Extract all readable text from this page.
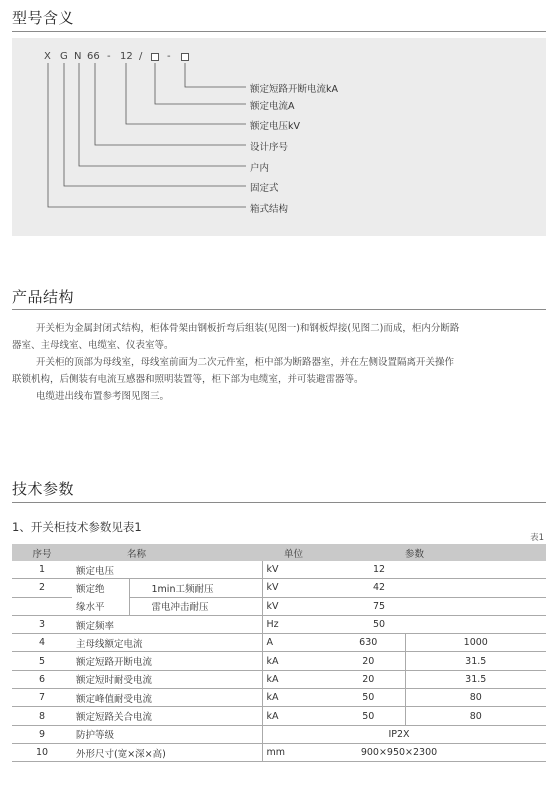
型号含义
X G N 66 - 12 / -
额定短路开断电流kA
额定电流A
额定电压kV
设计序号
户内
固定式
箱式结构
产品结构
开关柜为金属封闭式结构，柜体骨架由钢板折弯后组装(见图一)和钢板焊接(见图二)而成，柜内分断路
器室、主母线室、电缆室、仪表室等。
开关柜的顶部为母线室，母线室前面为二次元件室，柜中部为断路器室，并在左侧设置隔离开关操作
联锁机构，后侧装有电流互感器和照明装置等，柜下部为电缆室，并可装避雷器等。
电缆进出线布置参考图见图三。
技术参数
1、开关柜技术参数见表1
表1
序号	名称		单位		参数
1	额定电压		kV	12	
2	额定绝	1min工频耐压	kV	42	
	缘水平	雷电冲击耐压	kV	75	
3	额定频率		Hz	50	
4	主母线额定电流		A	630	1000
5	额定短路开断电流		kA	20	31.5
6	额定短时耐受电流		kA	20	31.5
7	额定峰值耐受电流		kA	50	80
8	额定短路关合电流		kA	50	80
9	防护等级			IP2X	
10	外形尺寸(宽×深×高)		mm	900×950×2300	
